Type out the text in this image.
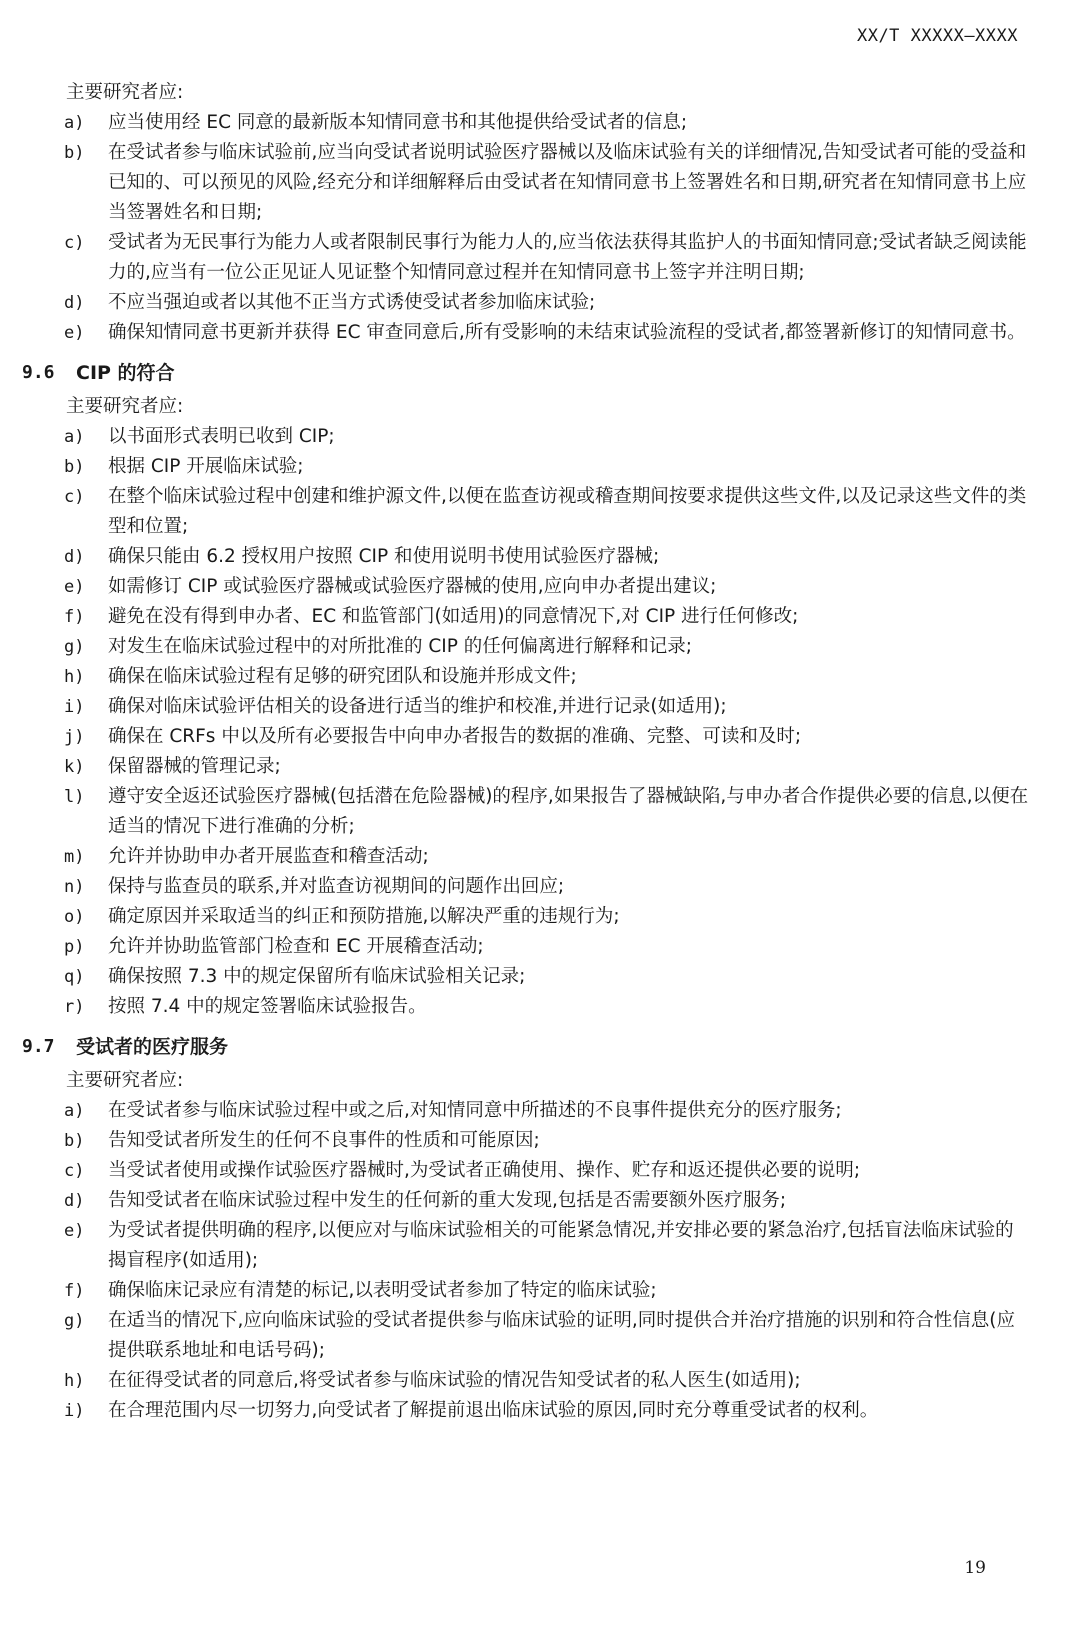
XX/T XXXXX—XXXX
主要研究者应:
a)	应当使用经 EC 同意的最新版本知情同意书和其他提供给受试者的信息;
b)	在受试者参与临床试验前,应当向受试者说明试验医疗器械以及临床试验有关的详细情况,告知受试者可能的受益和已知的、可以预见的风险,经充分和详细解释后由受试者在知情同意书上签署姓名和日期,研究者在知情同意书上应当签署姓名和日期;
c)	受试者为无民事行为能力人或者限制民事行为能力人的,应当依法获得其监护人的书面知情同意;受试者缺乏阅读能力的,应当有一位公正见证人见证整个知情同意过程并在知情同意书上签字并注明日期;
d)	不应当强迫或者以其他不正当方式诱使受试者参加临床试验;
e)	确保知情同意书更新并获得 EC 审查同意后,所有受影响的未结束试验流程的受试者,都签署新修订的知情同意书。
9.6	CIP 的符合
主要研究者应:
a)	以书面形式表明已收到 CIP;
b)	根据 CIP 开展临床试验;
c)	在整个临床试验过程中创建和维护源文件,以便在监查访视或稽查期间按要求提供这些文件,以及记录这些文件的类型和位置;
d)	确保只能由 6.2 授权用户按照 CIP 和使用说明书使用试验医疗器械;
e)	如需修订 CIP 或试验医疗器械或试验医疗器械的使用,应向申办者提出建议;
f)	避免在没有得到申办者、EC 和监管部门(如适用)的同意情况下,对 CIP 进行任何修改;
g)	对发生在临床试验过程中的对所批准的 CIP 的任何偏离进行解释和记录;
h)	确保在临床试验过程有足够的研究团队和设施并形成文件;
i)	确保对临床试验评估相关的设备进行适当的维护和校准,并进行记录(如适用);
j)	确保在 CRFs 中以及所有必要报告中向申办者报告的数据的准确、完整、可读和及时;
k)	保留器械的管理记录;
l)	遵守安全返还试验医疗器械(包括潜在危险器械)的程序,如果报告了器械缺陷,与申办者合作提供必要的信息,以便在适当的情况下进行准确的分析;
m)	允许并协助申办者开展监查和稽查活动;
n)	保持与监查员的联系,并对监查访视期间的问题作出回应;
o)	确定原因并采取适当的纠正和预防措施,以解决严重的违规行为;
p)	允许并协助监管部门检查和 EC 开展稽查活动;
q)	确保按照 7.3 中的规定保留所有临床试验相关记录;
r)	按照 7.4 中的规定签署临床试验报告。
9.7	受试者的医疗服务
主要研究者应:
a)	在受试者参与临床试验过程中或之后,对知情同意中所描述的不良事件提供充分的医疗服务;
b)	告知受试者所发生的任何不良事件的性质和可能原因;
c)	当受试者使用或操作试验医疗器械时,为受试者正确使用、操作、贮存和返还提供必要的说明;
d)	告知受试者在临床试验过程中发生的任何新的重大发现,包括是否需要额外医疗服务;
e)	为受试者提供明确的程序,以便应对与临床试验相关的可能紧急情况,并安排必要的紧急治疗,包括盲法临床试验的揭盲程序(如适用);
f)	确保临床记录应有清楚的标记,以表明受试者参加了特定的临床试验;
g)	在适当的情况下,应向临床试验的受试者提供参与临床试验的证明,同时提供合并治疗措施的识别和符合性信息(应提供联系地址和电话号码);
h)	在征得受试者的同意后,将受试者参与临床试验的情况告知受试者的私人医生(如适用);
i)	在合理范围内尽一切努力,向受试者了解提前退出临床试验的原因,同时充分尊重受试者的权利。
19
